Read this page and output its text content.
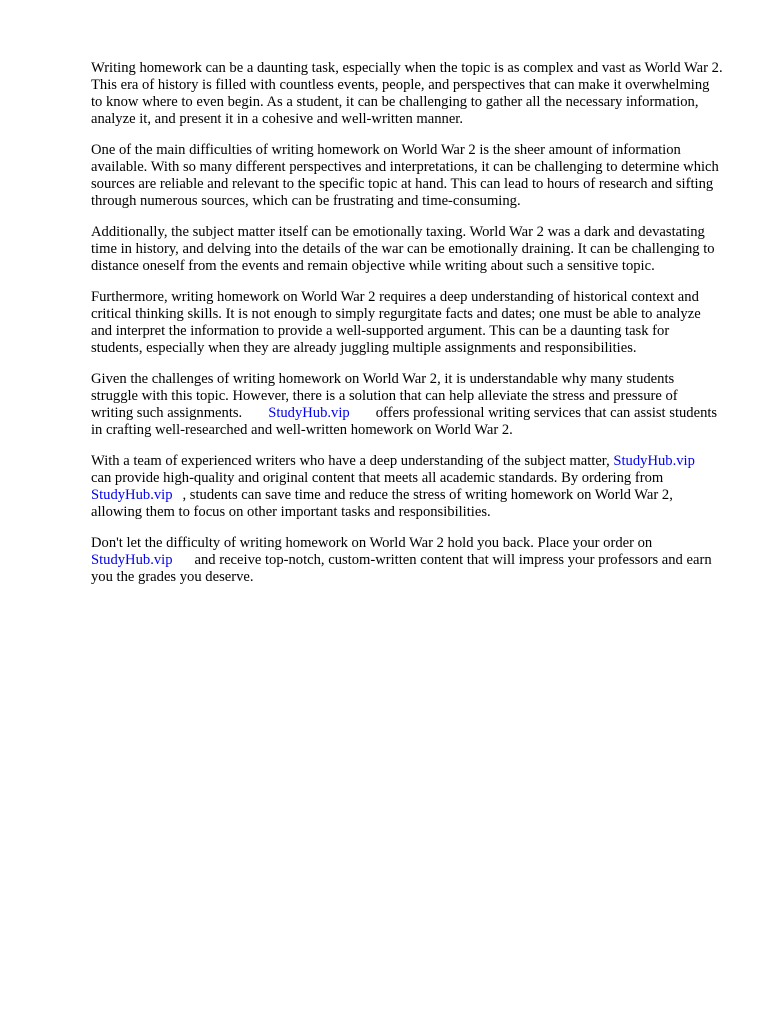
Writing homework can be a daunting task, especially when the topic is as complex and vast as World War 2. This era of history is filled with countless events, people, and perspectives that can make it overwhelming to know where to even begin. As a student, it can be challenging to gather all the necessary information, analyze it, and present it in a cohesive and well-written manner.

One of the main difficulties of writing homework on World War 2 is the sheer amount of information available. With so many different perspectives and interpretations, it can be challenging to determine which sources are reliable and relevant to the specific topic at hand. This can lead to hours of research and sifting through numerous sources, which can be frustrating and time-consuming.

Additionally, the subject matter itself can be emotionally taxing. World War 2 was a dark and devastating time in history, and delving into the details of the war can be emotionally draining. It can be challenging to distance oneself from the events and remain objective while writing about such a sensitive topic.

Furthermore, writing homework on World War 2 requires a deep understanding of historical context and critical thinking skills. It is not enough to simply regurgitate facts and dates; one must be able to analyze and interpret the information to provide a well-supported argument. This can be a daunting task for students, especially when they are already juggling multiple assignments and responsibilities.

Given the challenges of writing homework on World War 2, it is understandable why many students struggle with this topic. However, there is a solution that can help alleviate the stress and pressure of writing such assignments. StudyHub.vip offers professional writing services that can assist students in crafting well-researched and well-written homework on World War 2.

With a team of experienced writers who have a deep understanding of the subject matter, StudyHub.vipcan provide high-quality and original content that meets all academic standards. By ordering fromStudyHub.vip , students can save time and reduce the stress of writing homework on World War 2, allowing them to focus on other important tasks and responsibilities.

Don't let the difficulty of writing homework on World War 2 hold you back. Place your order on StudyHub.vip and receive top-notch, custom-written content that will impress your professors and earn you the grades you deserve.
